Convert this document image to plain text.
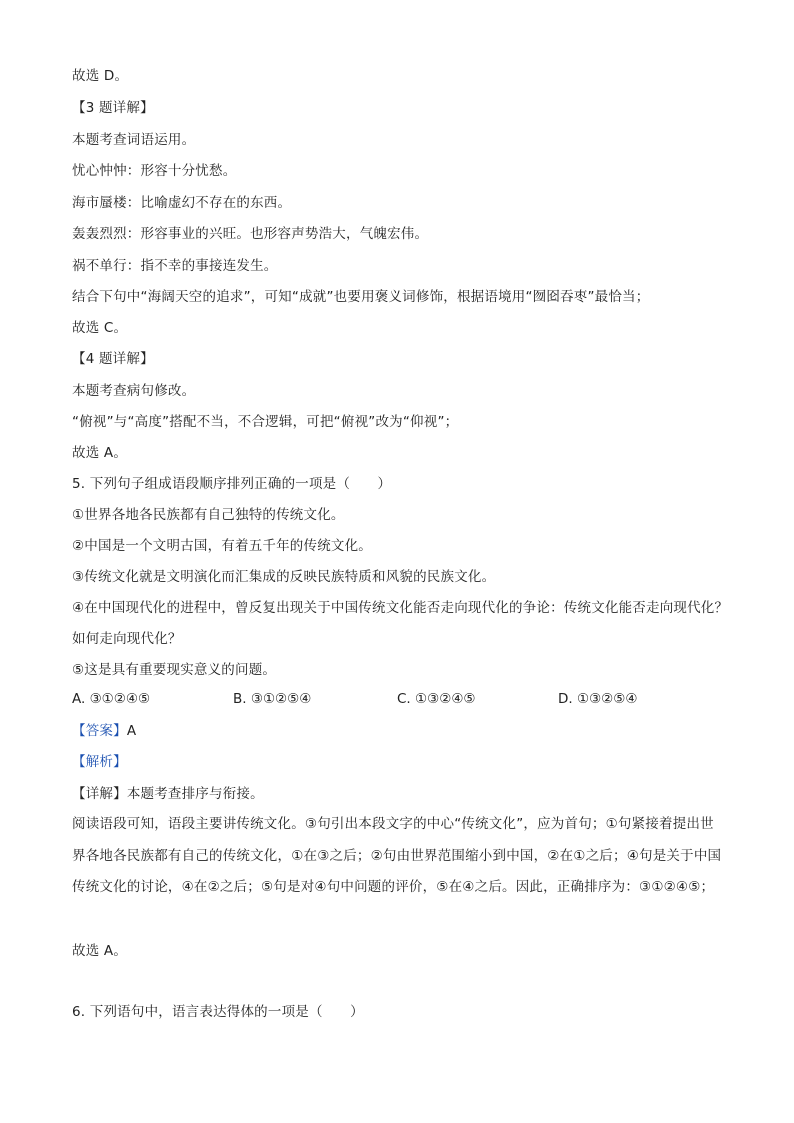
故选 D。
【3 题详解】
本题考查词语运用。
忧心忡忡：形容十分忧愁。
海市蜃楼：比喻虚幻不存在的东西。
轰轰烈烈：形容事业的兴旺。也形容声势浩大，气魄宏伟。
祸不单行：指不幸的事接连发生。
结合下句中“海阔天空的追求”，可知“成就”也要用褒义词修饰，根据语境用“囫囵吞枣”最恰当；
故选 C。
【4 题详解】
本题考查病句修改。
“俯视”与“高度”搭配不当，不合逻辑，可把“俯视”改为“仰视”；
故选 A。
5. 下列句子组成语段顺序排列正确的一项是（　　）
①世界各地各民族都有自己独特的传统文化。
②中国是一个文明古国，有着五千年的传统文化。
③传统文化就是文明演化而汇集成的反映民族特质和风貌的民族文化。
④在中国现代化的进程中，曾反复出现关于中国传统文化能否走向现代化的争论：传统文化能否走向现代化？
如何走向现代化？
⑤这是具有重要现实意义的问题。
A. ③①②④⑤	B. ③①②⑤④	C. ①③②④⑤	D. ①③②⑤④
【答案】A
【解析】
【详解】本题考查排序与衔接。
阅读语段可知，语段主要讲传统文化。③句引出本段文字的中心“传统文化”，应为首句；①句紧接着提出世界各地各民族都有自己的传统文化，①在③之后；②句由世界范围缩小到中国，②在①之后；④句是关于中国传统文化的讨论，④在②之后；⑤句是对④句中问题的评价，⑤在④之后。因此，正确排序为：③①②④⑤；
故选 A。
6. 下列语句中，语言表达得体的一项是（　　）
